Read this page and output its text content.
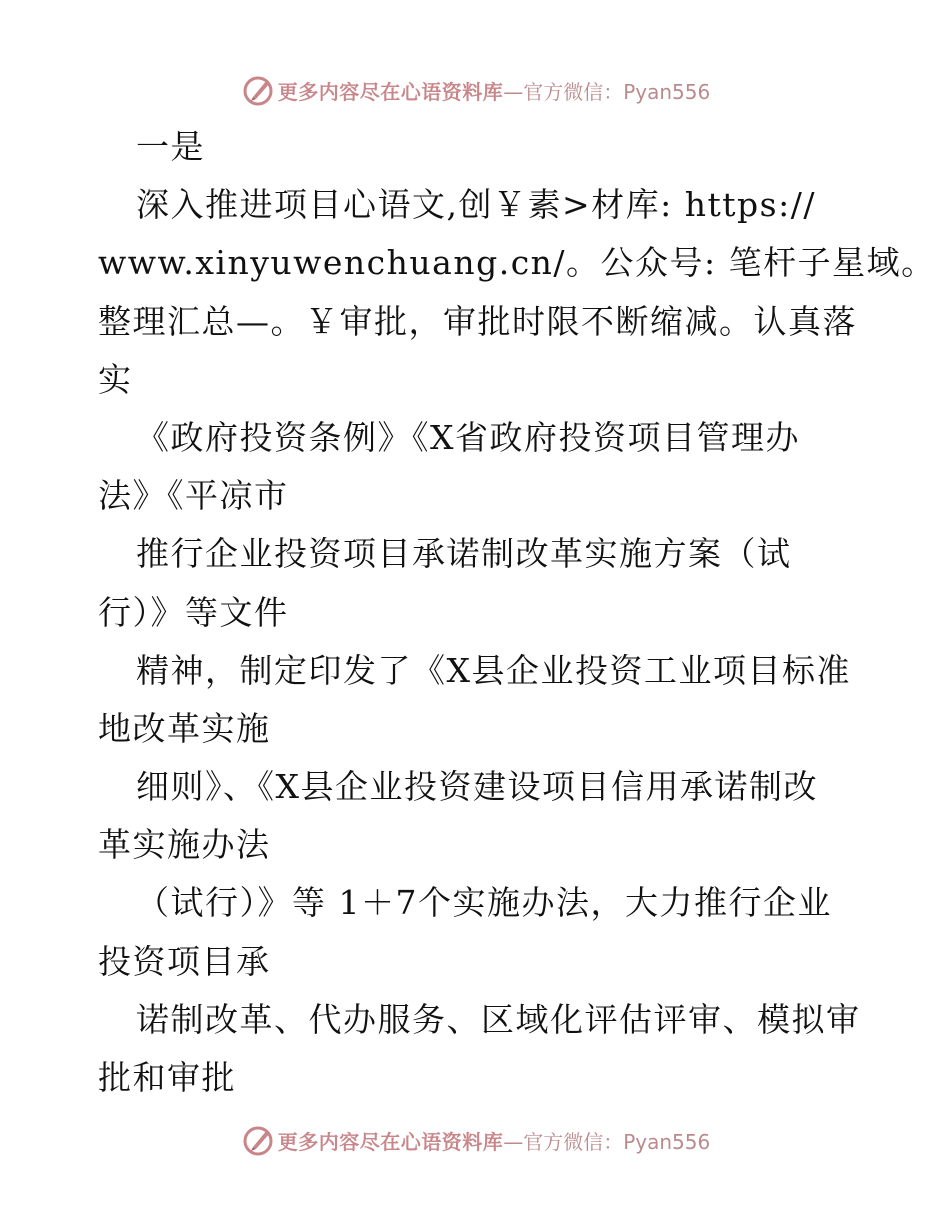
更多内容尽在心语资料库 —官方微信：Pyan556
一是
深入推进项目心语文,创￥素>材库: https://
www.xinyuwenchuang.cn/。公众号: 笔杆子星域。
整理汇总—。￥审批，审批时限不断缩减。认真落
实
《政府投资条例》《X省政府投资项目管理办
法》《平凉市
推行企业投资项目承诺制改革实施方案（试
行）》等文件
精神，制定印发了《X县企业投资工业项目标准
地改革实施
细则》、《X县企业投资建设项目信用承诺制改
革实施办法
（试行）》等 1＋7个实施办法，大力推行企业
投资项目承
诺制改革、代办服务、区域化评估评审、模拟审
批和审批
更多内容尽在心语资料库 —官方微信：Pyan556
